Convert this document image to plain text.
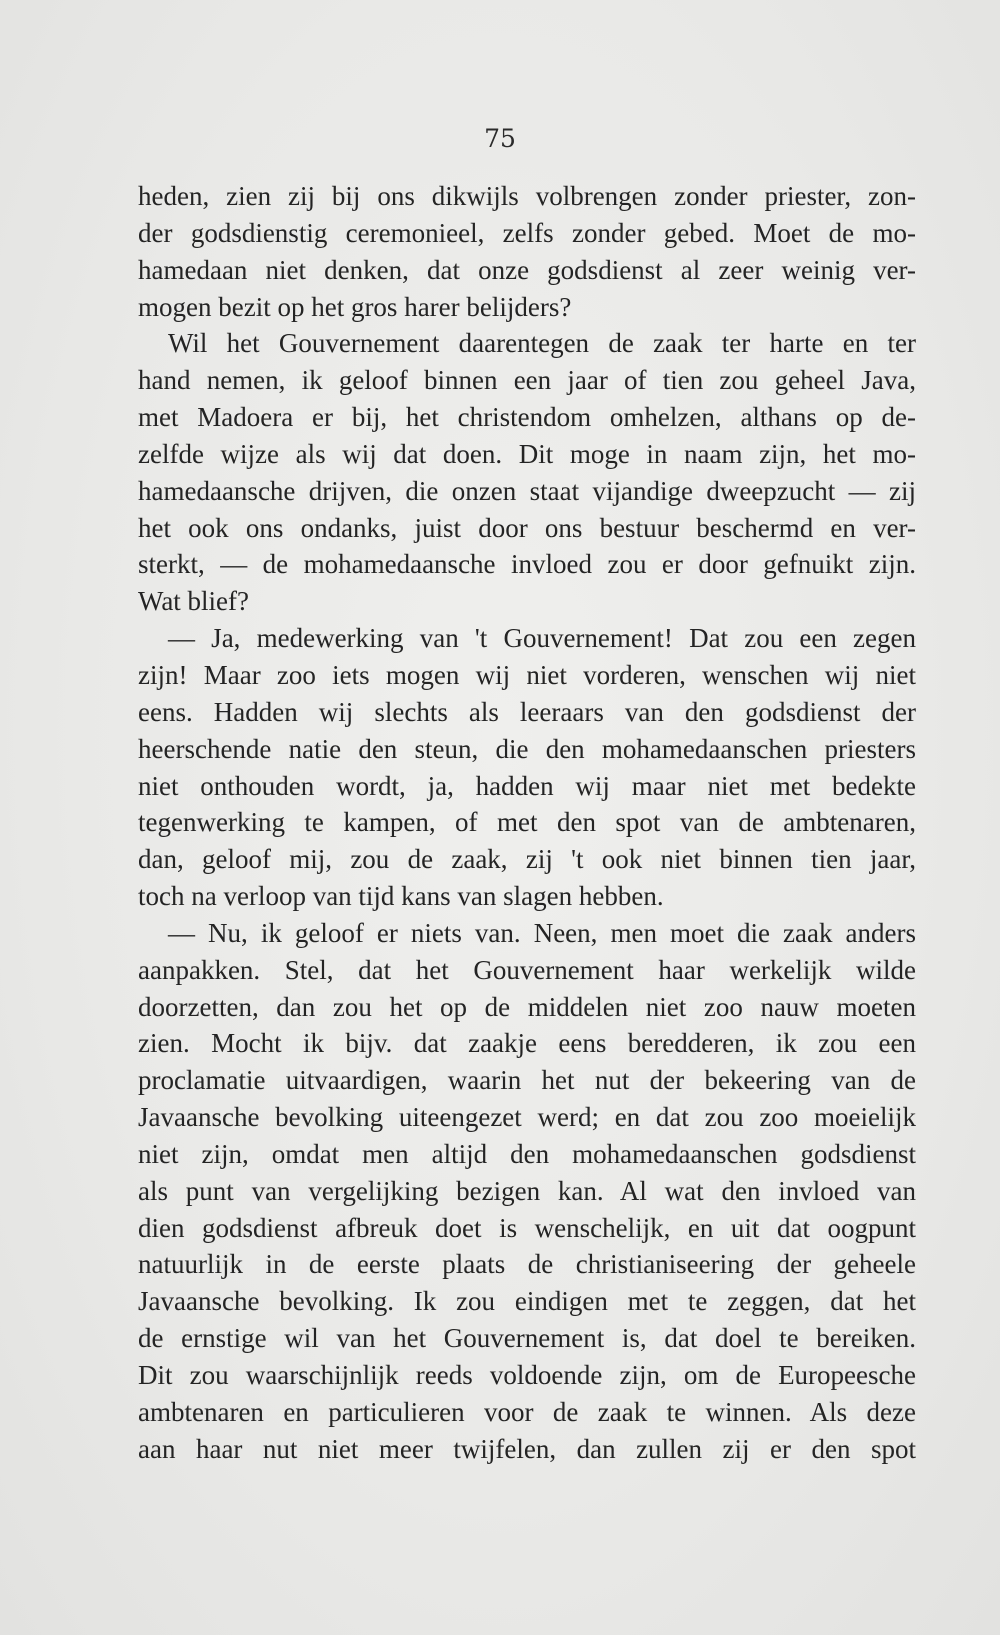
75

heden, zien zij bij ons dikwijls volbrengen zonder priester, zon-
der godsdienstig ceremonieel, zelfs zonder gebed. Moet de mo-
hamedaan niet denken, dat onze godsdienst al zeer weinig ver-
mogen bezit op het gros harer belijders?
Wil het Gouvernement daarentegen de zaak ter harte en ter
hand nemen, ik geloof binnen een jaar of tien zou geheel Java,
met Madoera er bij, het christendom omhelzen, althans op de-
zelfde wijze als wij dat doen. Dit moge in naam zijn, het mo-
hamedaansche drijven, die onzen staat vijandige dweepzucht — zij
het ook ons ondanks, juist door ons bestuur beschermd en ver-
sterkt, — de mohamedaansche invloed zou er door gefnuikt zijn.
Wat blief?
— Ja, medewerking van 't Gouvernement! Dat zou een zegen
zijn! Maar zoo iets mogen wij niet vorderen, wenschen wij niet
eens. Hadden wij slechts als leeraars van den godsdienst der
heerschende natie den steun, die den mohamedaanschen priesters
niet onthouden wordt, ja, hadden wij maar niet met bedekte
tegenwerking te kampen, of met den spot van de ambtenaren,
dan, geloof mij, zou de zaak, zij 't ook niet binnen tien jaar,
toch na verloop van tijd kans van slagen hebben.
— Nu, ik geloof er niets van. Neen, men moet die zaak anders
aanpakken. Stel, dat het Gouvernement haar werkelijk wilde
doorzetten, dan zou het op de middelen niet zoo nauw moeten
zien. Mocht ik bijv. dat zaakje eens beredderen, ik zou een
proclamatie uitvaardigen, waarin het nut der bekeering van de
Javaansche bevolking uiteengezet werd; en dat zou zoo moeielijk
niet zijn, omdat men altijd den mohamedaanschen godsdienst
als punt van vergelijking bezigen kan. Al wat den invloed van
dien godsdienst afbreuk doet is wenschelijk, en uit dat oogpunt
natuurlijk in de eerste plaats de christianiseering der geheele
Javaansche bevolking. Ik zou eindigen met te zeggen, dat het
de ernstige wil van het Gouvernement is, dat doel te bereiken.
Dit zou waarschijnlijk reeds voldoende zijn, om de Europeesche
ambtenaren en particulieren voor de zaak te winnen. Als deze
aan haar nut niet meer twijfelen, dan zullen zij er den spot
